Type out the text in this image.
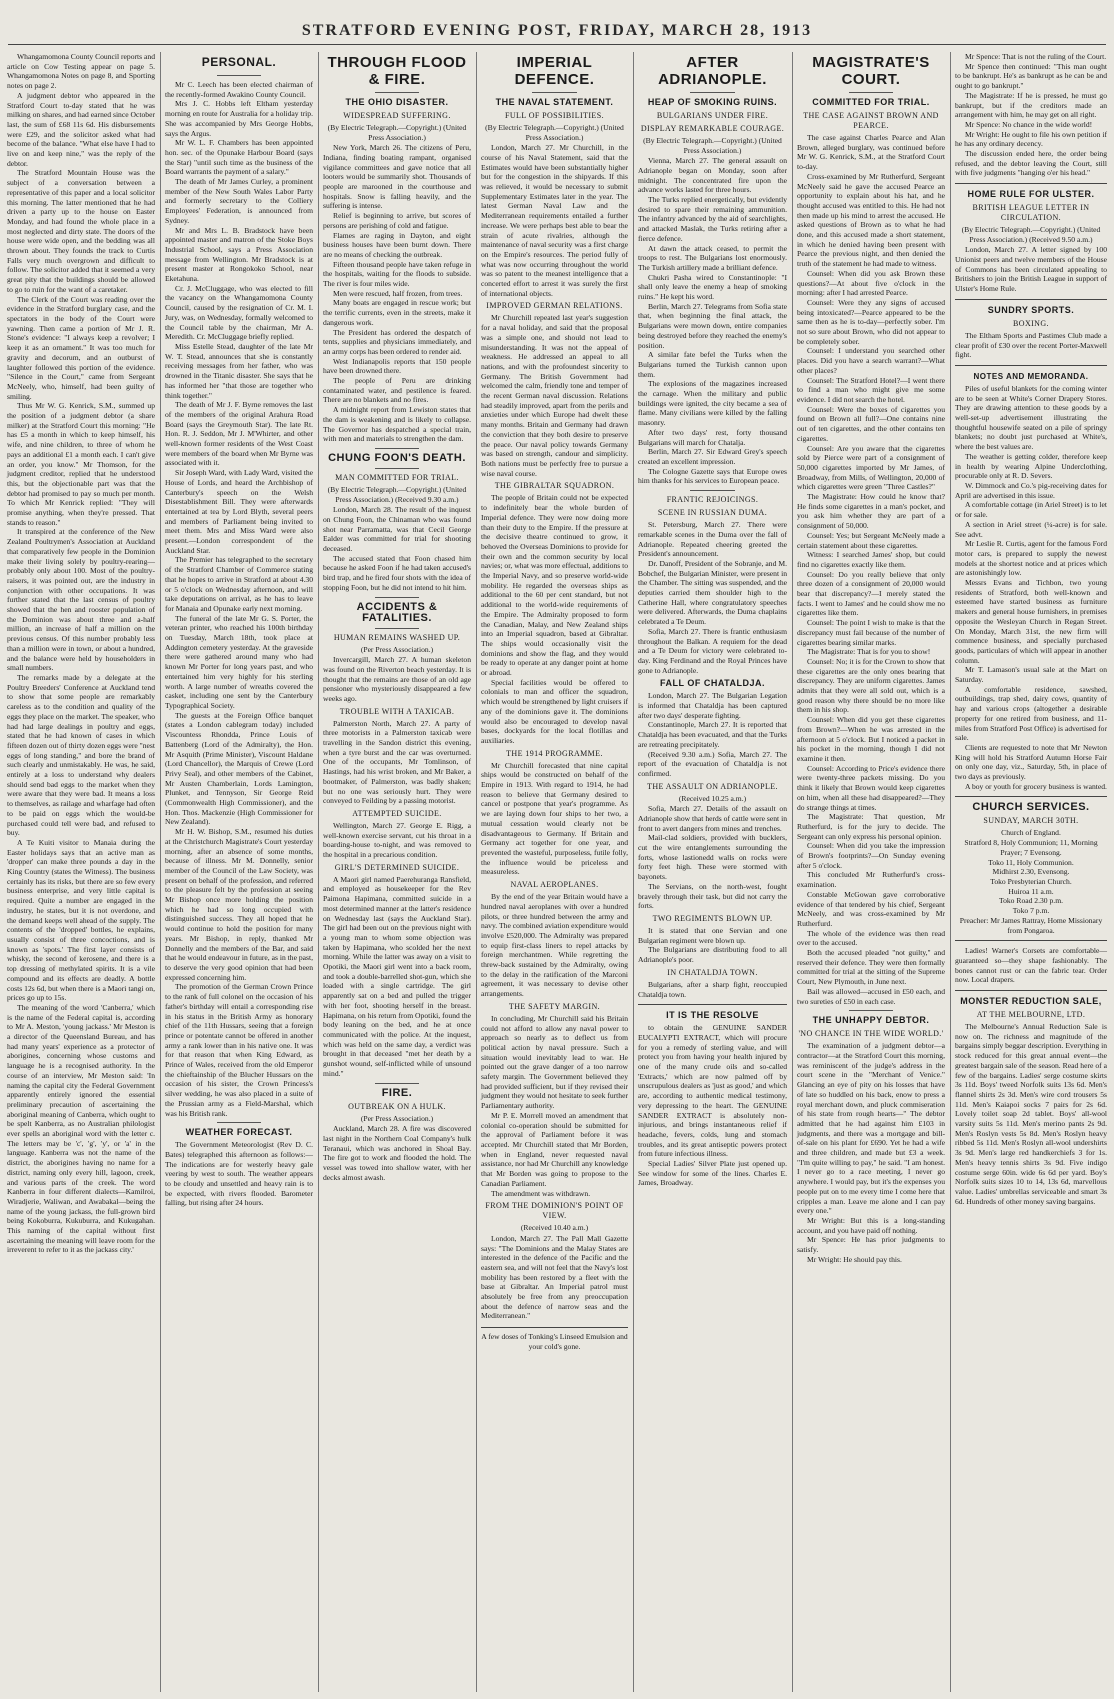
STRATFORD EVENING POST, FRIDAY, MARCH 28, 1913

Whangamomona County Council reports and article on Cow Testing appear on page 5. Whangamomona Notes on page 8, and Sporting notes on page 2.

A judgment debtor who appeared in the Stratford Court to-day stated that he was milking on shares, and had earned since October last, the sum of £68 11s 6d. His disbursements were £29, and the solicitor asked what had become of the balance. "What else have I had to live on and keep nine," was the reply of the debtor.

The Stratford Mountain House was the subject of a conversation between a representative of this paper and a local solicitor this morning. The latter mentioned that he had driven a party up to the house on Easter Monday, and had found the whole place in a most neglected and dirty state. The doors of the house were wide open, and the bedding was all thrown about. They founds the track to Curtis Falls very much overgrown and difficult to follow. The solicitor added that it seemed a very great pity that the buildings should be allowed to go to ruin for the want of a caretaker.

The Clerk of the Court was reading over the evidence in the Stratford burglary case, and the spectators in the body of the Court were yawning. Then came a portion of Mr J. R. Stone's evidence: "I always keep a revolver; I keep it as an ornament." It was too much for gravity and decorum, and an outburst of laughter followed this portion of the evidence. "Silence in the Court," came from Sergeant McNeely, who, himself, had been guilty of smiling.

Thus Mr W. G. Kenrick, S.M., summed up the position of a judgment debtor (a share milker) at the Stratford Court this morning: "He has £5 a month in which to keep himself, his wife, and nine children, to three of whom he pays an additional £1 a month each. I can't give an order, you know." Mr Thomson, for the judgment creditor, replied that he understood this, but the objectionable part was that the debtor had promised to pay so much per month. To which Mr Kenrick replied: "They will promise anything, when they're pressed. That stands to reason."

It transpired at the conference of the New Zealand Poultrymen's Association at Auckland that comparatively few people in the Dominion make their living solely by poultry-rearing—probably only about 100. Most of the poultry-raisers, it was pointed out, are the industry in conjunction with other occupations. It was further stated that the last census of poultry showed that the hen and rooster population of the Dominion was about three and a-half million, an increase of half a million on the previous census. Of this number probably less than a million were in town, or about a hundred, and the balance were held by householders in small numbers.

The remarks made by a delegate at the Poultry Breeders' Conference at Auckland tend to show that some people are remarkably careless as to the condition and quality of the eggs they place on the market. The speaker, who had had large dealings in poultry and eggs, stated that he had known of cases in which fifteen dozen out of thirty dozen eggs were "nest eggs of long standing," and bore the brand of such clearly and unmistakably. He was, he said, entirely at a loss to understand why dealers should send bad eggs to the market when they were aware that they were bad. It means a loss to themselves, as railage and wharfage had often to be paid on eggs which the would-be purchased could tell were bad, and refused to buy.

A Te Kuiti visitor to Manaia during the Easter holidays says that an active man as 'dropper' can make three pounds a day in the King Country (states the Witness). The business certainly has its risks, but there are so few every business enterprise, and very little capital is required. Quite a number are engaged in the industry, he states, but it is not overdone, and the demand keeps well ahead of the supply. The contents of the 'dropped' bottles, he explains, usually consist of three concoctions, and is known as 'spots.' The first layer consists of whisky, the second of kerosene, and there is a top dressing of methylated spirits. It is a vile compound and its effects are deadly. A bottle costs 12s 6d, but when there is a Maori tangi on, prices go up to 15s.

The meaning of the word 'Canberra,' which is the name of the Federal capital is, according to Mr A. Meston, 'young jackass.' Mr Meston is a director of the Queensland Bureau, and has had many years' experience as a protector of aborigines, concerning whose customs and language he is a recognised authority. In the course of an interview, Mr Meston said: 'In naming the capital city the Federal Government apparently entirely ignored the essential preliminary precaution of ascertaining the aboriginal meaning of Canberra, which ought to be spelt Kanberra, as no Australian philologist ever spells an aboriginal word with the letter c. The letters may be 'c', 'g', 'y', or 'a' in the language. Kanberra was not the name of the district, the aborigines having no name for a district, naming only every hill, lagoon, creek, and various parts of the creek. The word Kanberra in four different dialects—Kamilroi, Wiradjerie, Waliwan, and Awabakal—being the name of the young jackass, the full-grown bird being Kokoburra, Kukuburra, and Kukugahan. This naming of the capital without first ascertaining the meaning will leave room for the irreverent to refer to it as the jackass city.'

PERSONAL.

Mr C. Leech has been elected chairman of the recently-formed Awakino County Council.

Mrs J. C. Hobbs left Eltham yesterday morning en route for Australia for a holiday trip. She was accompanied by Mrs George Hobbs, says the Argus.

Mr W. L. F. Chambers has been appointed hon. sec. of the Opunake Harbour Board (says the Star) "until such time as the business of the Board warrants the payment of a salary."

The death of Mr James Curley, a prominent member of the New South Wales Labor Party and formerly secretary to the Colliery Employees' Federation, is announced from Sydney.

Mr and Mrs L. B. Bradstock have been appointed master and matron of the Stoke Boys Industrial School, says a Press Association message from Wellington. Mr Bradstock is at present master at Rongokoko School, near Eketahuna.

Cr. J. McCluggage, who was elected to fill the vacancy on the Whangamomona County Council, caused by the resignation of Cr. M. I. Jury, was, on Wednesday, formally welcomed to the Council table by the chairman, Mr A. Meredith. Cr. McCluggage briefly replied.

Miss Estelle Stead, daughter of the late Mr W. T. Stead, announces that she is constantly receiving messages from her father, who was drowned in the Titanic disaster. She says that he has informed her "that those are together who think together."

The death of Mr J. F. Byrne removes the last of the members of the original Arahura Road Board (says the Greymouth Star). The late Rt. Hon. R. J. Seddon, Mr J. M'Whirter, and other well-known former residents of the West Coast were members of the board when Mr Byrne was associated with it.

Sir Joseph Ward, with Lady Ward, visited the House of Lords, and heard the Archbishop of Canterbury's speech on the Welsh Disestablishment Bill. They were afterwards entertained at tea by Lord Blyth, several peers and members of Parliament being invited to meet them. Mrs and Miss Ward were also present.—London correspondent of the Auckland Star.

The Premier has telegraphed to the secretary of the Stratford Chamber of Commerce stating that he hopes to arrive in Stratford at about 4.30 or 5 o'clock on Wednesday afternoon, and will take deputations on arrival, as he has to leave for Manaia and Opunake early next morning.

The funeral of the late Mr G. S. Porter, the veteran printer, who reached his 100th birthday on Tuesday, March 18th, took place at Addington cemetery yesterday. At the graveside there were gathered around many who had known Mr Porter for long years past, and who entertained him very highly for his sterling worth. A large number of wreaths covered the casket, including one sent by the Canterbury Typographical Society.

The guests at the Foreign Office banquet (states a London cablegram today) included Viscountess Rhondda, Prince Louis of Battenberg (Lord of the Admiralty), the Hon. Mr Asquith (Prime Minister), Viscount Haldane (Lord Chancellor), the Marquis of Crewe (Lord Privy Seal), and other members of the Cabinet, Mr Austen Chamberlain, Lords Lamington, Plunket, and Tennyson, Sir George Reid (Commonwealth High Commissioner), and the Hon. Thos. Mackenzie (High Commissioner for New Zealand).

Mr H. W. Bishop, S.M., resumed his duties at the Christchurch Magistrate's Court yesterday morning, after an absence of some months, because of illness. Mr M. Donnelly, senior member of the Council of the Law Society, was present on behalf of the profession, and referred to the pleasure felt by the profession at seeing Mr Bishop once more holding the position which he had so long occupied with distinguished success. They all hoped that he would continue to hold the position for many years. Mr Bishop, in reply, thanked Mr Donnelly and the members of the Bar, and said that he would endeavour in future, as in the past, to deserve the very good opinion that had been expressed concerning him.

The promotion of the German Crown Prince to the rank of full colonel on the occasion of his father's birthday will entail a corresponding rise in his status in the British Army as honorary chief of the 11th Hussars, seeing that a foreign prince or potentate cannot be offered in another army a rank lower than in his native one. It was for that reason that when King Edward, as Prince of Wales, received from the old Emperor the chieftainship of the Blucher Hussars on the occasion of his sister, the Crown Princess's silver wedding, he was also placed in a suite of the Prussian army as a Field-Marshal, which was his British rank.

WEATHER FORECAST.

The Government Meteorologist (Rev D. C. Bates) telegraphed this afternoon as follows:— The indications are for westerly heavy gale veering by west to south. The weather appears to be cloudy and unsettled and heavy rain is to be expected, with rivers flooded. Barometer falling, but rising after 24 hours.

THROUGH FLOOD & FIRE.
THE OHIO DISASTER.
WIDESPREAD SUFFERING.
(By Electric Telegraph.—Copyright.) (United Press Association.)

New York, March 26. The citizens of Peru, Indiana, finding boating rampant, organised vigilance committees and gave notice that all looters would be summarily shot. Thousands of people are marooned in the courthouse and hospitals. Snow is falling heavily, and the suffering is intense.

Relief is beginning to arrive, but scores of persons are perishing of cold and fatigue.

Flames are raging in Dayton, and eight business houses have been burnt down. There are no means of checking the outbreak.

Fifteen thousand people have taken refuge in the hospitals, waiting for the floods to subside. The river is four miles wide.

Men were rescued, half frozen, from trees.

Many boats are engaged in rescue work; but the terrific currents, even in the streets, make it dangerous work.

The President has ordered the despatch of tents, supplies and physicians immediately, and an army corps has been ordered to render aid.

West Indianapolis reports that 150 people have been drowned there.

The people of Peru are drinking contaminated water, and pestilence is feared. There are no blankets and no fires.

A midnight report from Lewiston states that the dam is weakening and is likely to collapse. The Governor has despatched a special train, with men and materials to strengthen the dam.

CHUNG FOON'S DEATH.
MAN COMMITTED FOR TRIAL.
(By Electric Telegraph.—Copyright.) (United Press Association.) (Received 9.30 a.m.)

London, March 28. The result of the inquest on Chung Foon, the Chinaman who was found shot near Parramatta, was that Cecil George Ealder was committed for trial for shooting deceased.

The accused stated that Foon chased him because he asked Foon if he had taken accused's bird trap, and he fired four shots with the idea of stopping Foon, but he did not intend to hit him.

ACCIDENTS & FATALITIES.
HUMAN REMAINS WASHED UP.
(Per Press Association.)

Invercargill, March 27. A human skeleton was found on the Riverton beach yesterday. It is thought that the remains are those of an old age pensioner who mysteriously disappeared a few weeks ago.

TROUBLE WITH A TAXICAB.

Palmerston North, March 27. A party of three motorists in a Palmerston taxicab were travelling in the Sandon district this evening, when a tyre burst and the car was overturned. One of the occupants, Mr Tomlinson, of Hastings, had his wrist broken, and Mr Baker, a bootmaker, of Palmerston, was badly shaken; but no one was seriously hurt. They were conveyed to Feilding by a passing motorist.

ATTEMPTED SUICIDE.

Wellington, March 27. George E. Rigg, a well-known exercise servant, cut his throat in a boarding-house to-night, and was removed to the hospital in a precarious condition.

GIRL'S DETERMINED SUICIDE.

A Maori girl named Paerehuranga Ransfield, and employed as housekeeper for the Rev Paimona Hapimana, committed suicide in a most determined manner at the latter's residence on Wednesday last (says the Auckland Star). The girl had been out on the previous night with a young man to whom some objection was taken by Hapimana, who scolded her the next morning. While the latter was away on a visit to Opotiki, the Maori girl went into a back room, and took a double-barrelled shot-gun, which she loaded with a single cartridge. The girl apparently sat on a bed and pulled the trigger with her foot, shooting herself in the breast. Hapimana, on his return from Opotiki, found the body leaning on the bed, and he at once communicated with the police. At the inquest, which was held on the same day, a verdict was brought in that deceased "met her death by a gunshot wound, self-inflicted while of unsound mind."

FIRE.
OUTBREAK ON A HULK.
(Per Press Association.)

Auckland, March 28. A fire was discovered last night in the Northern Coal Company's hulk Teranaui, which was anchored in Shoal Bay. The fire got to work and flooded the hold. The vessel was towed into shallow water, with her decks almost awash.

IMPERIAL DEFENCE.
THE NAVAL STATEMENT.
FULL OF POSSIBILITIES.
(By Electric Telegraph.—Copyright.) (United Press Association.)

London, March 27. Mr Churchill, in the course of his Naval Statement, said that the Estimates would have been substantially higher but for the congestion in the shipyards. If this was relieved, it would be necessary to submit Supplementary Estimates later in the year. The latest German Naval Law and the Mediterranean requirements entailed a further increase. We were perhaps best able to bear the strain of acute rivalries, although the maintenance of naval security was a first charge on the Empire's resources. The period fully of what was now occurring throughout the world was so patent to the meanest intelligence that a concerted effort to arrest it was surely the first of international objects.

IMPROVED GERMAN RELATIONS.

Mr Churchill repeated last year's suggestion for a naval holiday, and said that the proposal was a simple one, and should not lead to misunderstanding. It was not the appeal of weakness. He addressed an appeal to all nations, and with the profoundest sincerity to Germany. The British Government had welcomed the calm, friendly tone and temper of the recent German naval discussion. Relations had steadily improved, apart from the perils and anxieties under which Europe had dwelt these many months. Britain and Germany had drawn the conviction that they both desire to preserve the peace. Our naval policy towards Germany was based on strength, candour and simplicity. Both nations must be perfectly free to pursue a wise naval course.

THE GIBRALTAR SQUADRON.

The people of Britain could not be expected to indefinitely bear the whole burden of Imperial defence. They were now doing more than their duty to the Empire. If the pressure at the decisive theatre continued to grow, it behoved the Overseas Dominions to provide for their own and the common security by local navies; or, what was more effectual, additions to the Imperial Navy, and so preserve world-wide mobility. He regarded the overseas ships as additional to the 60 per cent standard, but not additional to the world-wide requirements of the Empire. The Admiralty proposed to form the Canadian, Malay, and New Zealand ships into an Imperial squadron, based at Gibraltar. The ships would occasionally visit the dominions and show the flag, and they would be ready to operate at any danger point at home or abroad.

Special facilities would be offered to colonials to man and officer the squadron, which would be strengthened by light cruisers if any of the dominions gave it. The dominions would also be encouraged to develop naval bases, dockyards for the local flotillas and auxiliaries.

THE 1914 PROGRAMME.

Mr Churchill forecasted that nine capital ships would be constructed on behalf of the Empire in 1913. With regard to 1914, he had reason to believe that Germany desired to cancel or postpone that year's programme. As we are laying down four ships to her two, a mutual cessation would clearly not be disadvantageous to Germany. If Britain and Germany act together for one year, and prevented the wasteful, purposeless, futile folly, the influence would be priceless and measureless.

NAVAL AEROPLANES.

By the end of the year Britain would have a hundred naval aeroplanes with over a hundred pilots, or three hundred between the army and navy. The combined aviation expenditure would involve £520,000. The Admiralty was prepared to equip first-class liners to repel attacks by foreign merchantmen. While regretting the threw-back sustained by the Admiralty, owing to the delay in the ratification of the Marconi agreement, it was necessary to devise other arrangements.

THE SAFETY MARGIN.

In concluding, Mr Churchill said his Britain could not afford to allow any naval power to approach so nearly as to deflect us from political action by naval pressure. Such a situation would inevitably lead to war. He pointed out the grave danger of a too narrow safety margin. The Government believed they had provided sufficient, but if they revised their judgment they would not hesitate to seek further Parliamentary authority.

Mr P. E. Morrell moved an amendment that colonial co-operation should be submitted for the approval of Parliament before it was accepted. Mr Churchill stated that Mr Borden, when in England, never requested naval assistance, nor had Mr Churchill any knowledge that Mr Borden was going to propose to the Canadian Parliament.

The amendment was withdrawn.

FROM THE DOMINION'S POINT OF VIEW.
(Received 10.40 a.m.)

London, March 27. The Pall Mall Gazette says: "The Dominions and the Malay States are interested in the defence of the Pacific and the eastern sea, and will not feel that the Navy's lost mobility has been restored by a fleet with the base at Gibraltar. An Imperial patrol must absolutely be free from any preoccupation about the defence of narrow seas and the Mediterranean."

A few doses of Tonking's Linseed Emulsion and your cold's gone.
AFTER ADRIANOPLE.
HEAP OF SMOKING RUINS.
BULGARIANS UNDER FIRE.
DISPLAY REMARKABLE COURAGE.
(By Electric Telegraph.—Copyright.) (United Press Association.)

Vienna, March 27. The general assault on Adrianople began on Monday, soon after midnight. The concentrated fire upon the advance works lasted for three hours.

The Turks replied energetically, but evidently desired to spare their remaining ammunition. The infantry advanced by the aid of searchlights, and attacked Maslak, the Turks retiring after a fierce defence.

At dawn the attack ceased, to permit the troops to rest. The Bulgarians lost enormously. The Turkish artillery made a brilliant defence.

Chukri Pasha wired to Constantinople: "I shall only leave the enemy a heap of smoking ruins." He kept his word.

Berlin, March 27. Telegrams from Sofia state that, when beginning the final attack, the Bulgarians were mown down, entire companies being destroyed before they reached the enemy's position.

A similar fate befel the Turks when the Bulgarians turned the Turkish cannon upon them.

The explosions of the magazines increased the carnage. When the military and public buildings were ignited, the city became a sea of flame. Many civilians were killed by the falling masonry.

After two days' rest, forty thousand Bulgarians will march for Chatalja.

Berlin, March 27. Sir Edward Grey's speech created an excellent impression.

The Cologne Gazette says that Europe owes him thanks for his services to European peace.

FRANTIC REJOICINGS.
SCENE IN RUSSIAN DUMA.

St. Petersburg, March 27. There were remarkable scenes in the Duma over the fall of Adrianople. Repeated cheering greeted the President's announcement.

Dr. Danoff, President of the Sobranje, and M. Bobchef, the Bulgarian Minister, were present in the Chamber. The sitting was suspended, and the deputies carried them shoulder high to the Catherine Hall, where congratulatory speeches were delivered. Afterwards, the Duma chaplains celebrated a Te Deum.

Sofia, March 27. There is frantic enthusiasm throughout the Balkan. A requiem for the dead and a Te Deum for victory were celebrated to-day. King Ferdinand and the Royal Princes have gone to Adrianople.

FALL OF CHATALDJA.

London, March 27. The Bulgarian Legation is informed that Chataldja has been captured after two days' desperate fighting.

Constantinople, March 27. It is reported that Chataldja has been evacuated, and that the Turks are retreating precipitately.

(Received 9.30 a.m.) Sofia, March 27. The report of the evacuation of Chataldja is not confirmed.

THE ASSAULT ON ADRIANOPLE.
(Received 10.25 a.m.)

Sofia, March 27. Details of the assault on Adrianople show that herds of cattle were sent in front to avert dangers from mines and trenches.

Mail-clad soldiers, provided with bucklers, cut the wire entanglements surrounding the forts, whose lastionedd walls on rocks were forty feet high. These were stormed with bayonets.

The Servians, on the north-west, fought bravely through their task, but did not carry the forts.

TWO REGIMENTS BLOWN UP.

It is stated that one Servian and one Bulgarian regiment were blown up.

The Bulgarians are distributing food to all Adrianople's poor.

IN CHATALDJA TOWN.

Bulgarians, after a sharp fight, reoccupied Chataldja town.

IT IS THE RESOLVE

to obtain the GENUINE SANDER EUCALYPTI EXTRACT, which will procure for you a remedy of sterling value, and will protect you from having your health injured by one of the many crude oils and so-called 'Extracts,' which are now palmed off by unscrupulous dealers as 'just as good,' and which are, according to authentic medical testimony, very depressing to the heart. The GENUINE SANDER EXTRACT is absolutely non-injurious, and brings instantaneous relief if headache, fevers, colds, lung and stomach troubles, and its great antiseptic powers protect from future infectious illness.

Special Ladies' Silver Plate just opened up. See window for some of the lines. Charles E. James, Broadway.

MAGISTRATE'S COURT.
COMMITTED FOR TRIAL.
THE CASE AGAINST BROWN AND PEARCE.

The case against Charles Pearce and Alan Brown, alleged burglary, was continued before Mr W. G. Kenrick, S.M., at the Stratford Court to-day.

Cross-examined by Mr Rutherfurd, Sergeant McNeely said he gave the accused Pearce an opportunity to explain about his hat, and he thought accused was entitled to this. He had not then made up his mind to arrest the accused. He asked questions of Brown as to what he had done, and this accused made a short statement, in which he denied having been present with Pearce the previous night, and then denied the truth of the statement he had made to witness.

Counsel: When did you ask Brown these questions?—At about five o'clock in the morning: after I had arrested Pearce.

Counsel: Were they any signs of accused being intoxicated?—Pearce appeared to be the same then as he is to-day—perfectly sober. I'm not so sure about Brown, who did not appear to be completely sober.

Counsel: I understand you searched other places. Did you have a search warrant?—What other places?

Counsel: The Stratford Hotel?—I went there to find a man who might give me some evidence. I did not search the hotel.

Counsel: Were the boxes of cigarettes you found on Brown all full?—One contains nine out of ten cigarettes, and the other contains ten cigarettes.

Counsel: Are you aware that the cigarettes sold by Pierce were part of a consignment of 50,000 cigarettes imported by Mr James, of Broadway, from Mills, of Wellington, 20,000 of which cigarettes were green "Three Castles?"

The Magistrate: How could he know that? He finds some cigarettes in a man's pocket, and you ask him whether they are part of a consignment of 50,000.

Counsel: Yes; but Sergeant McNeely made a certain statement about these cigarettes.

Witness: I searched James' shop, but could find no cigarettes exactly like them.

Counsel: Do you really believe that only three dozen of a consignment of 20,000 would bear that discrepancy?—I merely stated the facts. I went to James' and he could show me no cigarettes like them.

Counsel: The point I wish to make is that the discrepancy must fail because of the number of cigarettes bearing similar marks.

The Magistrate: That is for you to show!

Counsel: No; it is for the Crown to show that these cigarettes are the only ones bearing that discrepancy. They are uniform cigarettes. James admits that they were all sold out, which is a good reason why there should be no more like them in his shop.

Counsel: When did you get these cigarettes from Brown?—When he was arrested in the afternoon at 5 o'clock. But I noticed a packet in his pocket in the morning, though I did not examine it then.

Counsel: According to Price's evidence there were twenty-three packets missing. Do you think it likely that Brown would keep cigarettes on him, when all these had disappeared?—They do strange things at times.

The Magistrate: That question, Mr Rutherfurd, is for the jury to decide. The Sergeant can only express his personal opinion.

Counsel: When did you take the impression of Brown's footprints?—On Sunday evening after 5 o'clock.

This concluded Mr Rutherfurd's cross-examination.

Constable McGowan gave corroborative evidence of that tendered by his chief, Sergeant McNeely, and was cross-examined by Mr Rutherfurd.

The whole of the evidence was then read over to the accused.

Both the accused pleaded "not guilty," and reserved their defence. They were then formally committed for trial at the sitting of the Supreme Court, New Plymouth, in June next.

Bail was allowed—accused in £50 each, and two sureties of £50 in each case.

THE UNHAPPY DEBTOR.
'NO CHANCE IN THE WIDE WORLD.'

The examination of a judgment debtor—a contractor—at the Stratford Court this morning, was reminiscent of the judge's address in the court scene in the "Merchant of Venice." Glancing an eye of pity on his losses that have of late so huddled on his back, enow to press a royal merchant down, and pluck commiseration of his state from rough hearts—" The debtor admitted that he had against him £103 in judgments, and there was a mortgage and bill-of-sale on his plant for £690. Yet he had a wife and three children, and made but £3 a week. "I'm quite willing to pay," he said. "I am honest. I never go to a race meeting, I never go anywhere. I would pay, but it's the expenses you people put on to me every time I come here that cripples a man. Leave me alone and I can pay every one."

Mr Wright: But this is a long-standing account, and you have paid off nothing.

Mr Spence: He has prior judgments to satisfy.

Mr Wright: He should pay this.

Mr Spence: That is not the ruling of the Court.

Mr Spence then continued: "This man ought to be bankrupt. He's as bankrupt as he can be and ought to go bankrupt."

The Magistrate: If he is pressed, he must go bankrupt, but if the creditors made an arrangement with him, he may get on all right.

Mr Spence: No chance in the wide world!

Mr Wright: He ought to file his own petition if he has any ordinary decency.

The discussion ended here, the order being refused, and the debtor leaving the Court, still with five judgments "hanging o'er his head."

HOME RULE FOR ULSTER.
BRITISH LEAGUE LETTER IN CIRCULATION.
(By Electric Telegraph.—Copyright.) (United Press Association.) (Received 9.50 a.m.)

London, March 27. A letter signed by 100 Unionist peers and twelve members of the House of Commons has been circulated appealing to Britishers to join the British League in support of Ulster's Home Rule.

SUNDRY SPORTS.
BOXING.

The Eltham Sports and Pastimes Club made a clear profit of £30 over the recent Porter-Maxwell fight.

NOTES AND MEMORANDA.

Piles of useful blankets for the coming winter are to be seen at White's Corner Drapery Stores. They are drawing attention to these goods by a well-set-up advertisement illustrating the thoughtful housewife seated on a pile of springy blankets; no doubt just purchased at White's, where the best values are.

The weather is getting colder, therefore keep in health by wearing Alpine Underclothing, procurable only at R. D. Severs.

W. Dimmock and Co.'s pig-receiving dates for April are advertised in this issue.

A comfortable cottage (in Ariel Street) is to let or for sale.

A section in Ariel street (¼-acre) is for sale. See advt.

Mr Leslie R. Curtis, agent for the famous Ford motor cars, is prepared to supply the newest models at the shortest notice and at prices which are astonishingly low.

Messrs Evans and Tichbon, two young residents of Stratford, both well-known and esteemed have started business as furniture makers and general house furnishers, in premises opposite the Wesleyan Church in Regan Street. On Monday, March 31st, the new firm will commence business, and specially purchased goods, particulars of which will appear in another column.

Mr T. Lamason's usual sale at the Mart on Saturday.

A comfortable residence, sawshed, outbuildings, trap shed, dairy cows, quantity of hay and various crops (altogether a desirable property for one retired from business, and 11-miles from Stratford Post Office) is advertised for sale.

Clients are requested to note that Mr Newton King will hold his Stratford Autumn Horse Fair on only one day, viz., Saturday, 5th, in place of two days as previously.

A boy or youth for grocery business is wanted.

CHURCH SERVICES.
SUNDAY, MARCH 30TH.
Church of England.
Stratford 8, Holy Communion; 11, Morning Prayer; 7 Evensong.
Toko 11, Holy Communion.
Midhirst 2.30, Evensong.
Toko Presbyterian Church.
Huiroa 11 a.m.
Toko Road 2.30 p.m.
Toko 7 p.m.
Preacher: Mr James Rattray, Home Missionary from Pongaroa.

Ladies! Warner's Corsets are comfortable—guaranteed so—they shape fashionably. The bones cannot rust or can the fabric tear. Order now. Local drapers.

MONSTER REDUCTION SALE,
AT THE MELBOURNE, LTD.

The Melbourne's Annual Reduction Sale is now on. The richness and magnitude of the bargains simply beggar description. Everything in stock reduced for this great annual event—the greatest bargain sale of the season. Read here of a few of the bargains. Ladies' serge costume skirts 3s 11d. Boys' tweed Norfolk suits 13s 6d. Men's flannel shirts 2s 3d. Men's wire cord trousers 5s 11d. Men's Kaiapoi socks 7 pairs for 2s 6d. Lovely toilet soap 2d tablet. Boys' all-wool varsity suits 5s 11d. Men's merino pants 2s 9d. Men's Roslyn vests 5s 8d. Men's Roslyn heavy ribbed 5s 11d. Men's Roslyn all-wool undershirts 3s 9d. Men's large red handkerchiefs 3 for 1s. Men's heavy tennis shirts 3s 9d. Five indigo costume serge 60in. wide 6s 6d per yard. Boy's Norfolk suits sizes 10 to 14, 13s 6d, marvellous value. Ladies' umbrellas serviceable and smart 3s 6d. Hundreds of other money saving bargains.
